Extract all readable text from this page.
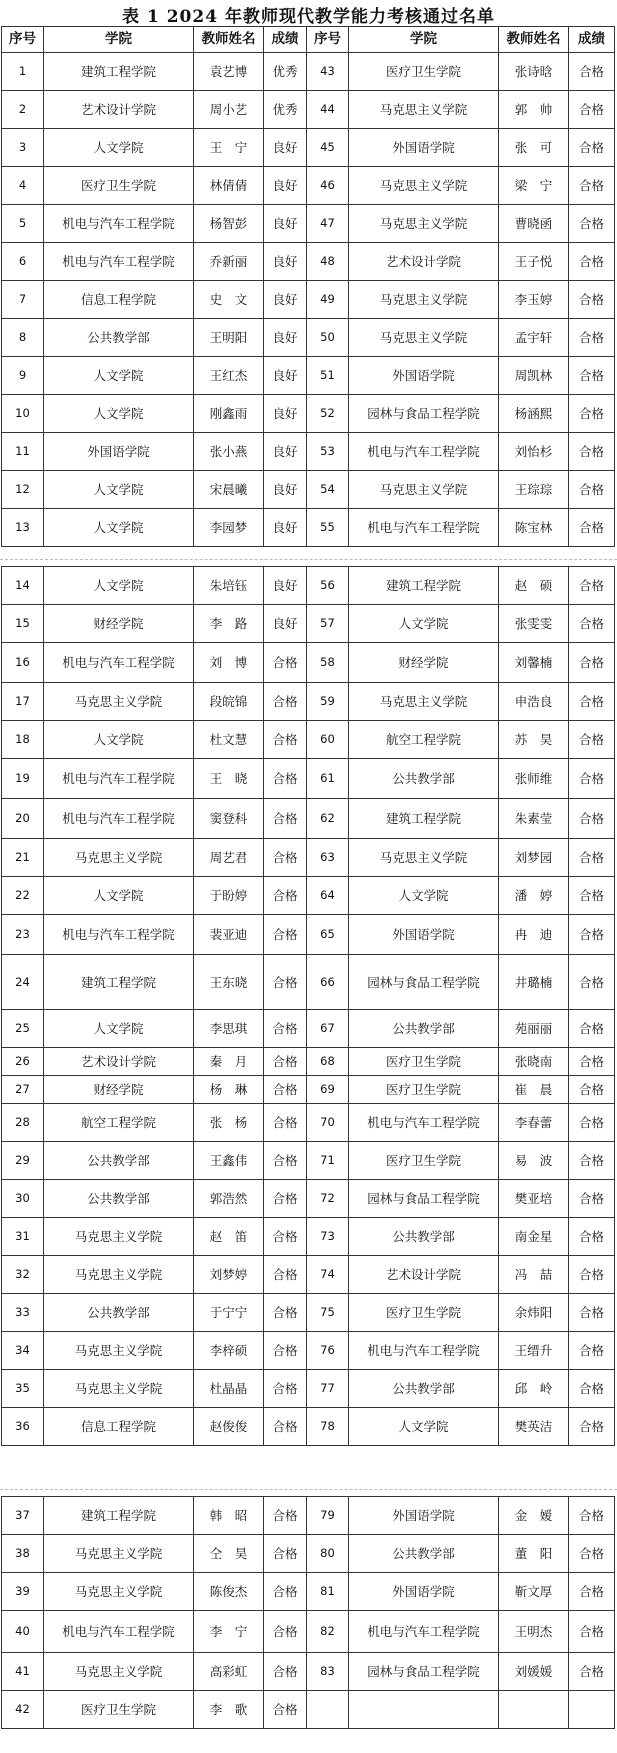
表 1 2024 年教师现代教学能力考核通过名单
序号	学院	教师姓名	成绩	序号	学院	教师姓名	成绩
1	建筑工程学院	袁艺博	优秀	43	医疗卫生学院	张诗晗	合格
2	艺术设计学院	周小艺	优秀	44	马克思主义学院	郭　帅	合格
3	人文学院	王　宁	良好	45	外国语学院	张　可	合格
4	医疗卫生学院	林倩倩	良好	46	马克思主义学院	梁　宁	合格
5	机电与汽车工程学院	杨智彭	良好	47	马克思主义学院	曹晓函	合格
6	机电与汽车工程学院	乔新丽	良好	48	艺术设计学院	王子悦	合格
7	信息工程学院	史　文	良好	49	马克思主义学院	李玉婷	合格
8	公共教学部	王明阳	良好	50	马克思主义学院	孟宇轩	合格
9	人文学院	王红杰	良好	51	外国语学院	周凯林	合格
10	人文学院	刚鑫雨	良好	52	园林与食品工程学院	杨涵熙	合格
11	外国语学院	张小燕	良好	53	机电与汽车工程学院	刘怡杉	合格
12	人文学院	宋晨曦	良好	54	马克思主义学院	王琮琮	合格
13	人文学院	李园梦	良好	55	机电与汽车工程学院	陈宝林	合格
14	人文学院	朱培钰	良好	56	建筑工程学院	赵　硕	合格
15	财经学院	李　路	良好	57	人文学院	张雯雯	合格
16	机电与汽车工程学院	刘　博	合格	58	财经学院	刘馨楠	合格
17	马克思主义学院	段皖锦	合格	59	马克思主义学院	申浩良	合格
18	人文学院	杜文慧	合格	60	航空工程学院	苏　昊	合格
19	机电与汽车工程学院	王　晓	合格	61	公共教学部	张师维	合格
20	机电与汽车工程学院	窦登科	合格	62	建筑工程学院	朱素莹	合格
21	马克思主义学院	周艺君	合格	63	马克思主义学院	刘梦园	合格
22	人文学院	于盼婷	合格	64	人文学院	潘　婷	合格
23	机电与汽车工程学院	裴亚迪	合格	65	外国语学院	冉　迪	合格
24	建筑工程学院	王东晓	合格	66	园林与食品工程学院	井璐楠	合格
25	人文学院	李思琪	合格	67	公共教学部	苑丽丽	合格
26	艺术设计学院	秦　月	合格	68	医疗卫生学院	张晓南	合格
27	财经学院	杨　琳	合格	69	医疗卫生学院	崔　晨	合格
28	航空工程学院	张　杨	合格	70	机电与汽车工程学院	李春蕾	合格
29	公共教学部	王鑫伟	合格	71	医疗卫生学院	易　波	合格
30	公共教学部	郭浩然	合格	72	园林与食品工程学院	樊亚培	合格
31	马克思主义学院	赵　笛	合格	73	公共教学部	南金星	合格
32	马克思主义学院	刘梦婷	合格	74	艺术设计学院	冯　喆	合格
33	公共教学部	于宁宁	合格	75	医疗卫生学院	余炜阳	合格
34	马克思主义学院	李梓硕	合格	76	机电与汽车工程学院	王缙升	合格
35	马克思主义学院	杜晶晶	合格	77	公共教学部	邱　岭	合格
36	信息工程学院	赵俊俊	合格	78	人文学院	樊英洁	合格
37	建筑工程学院	韩　昭	合格	79	外国语学院	金　嫒	合格
38	马克思主义学院	仝　昊	合格	80	公共教学部	董　阳	合格
39	马克思主义学院	陈俊杰	合格	81	外国语学院	靳文厚	合格
40	机电与汽车工程学院	李　宁	合格	82	机电与汽车工程学院	王明杰	合格
41	马克思主义学院	高彩虹	合格	83	园林与食品工程学院	刘媛媛	合格
42	医疗卫生学院	李　歌	合格				
